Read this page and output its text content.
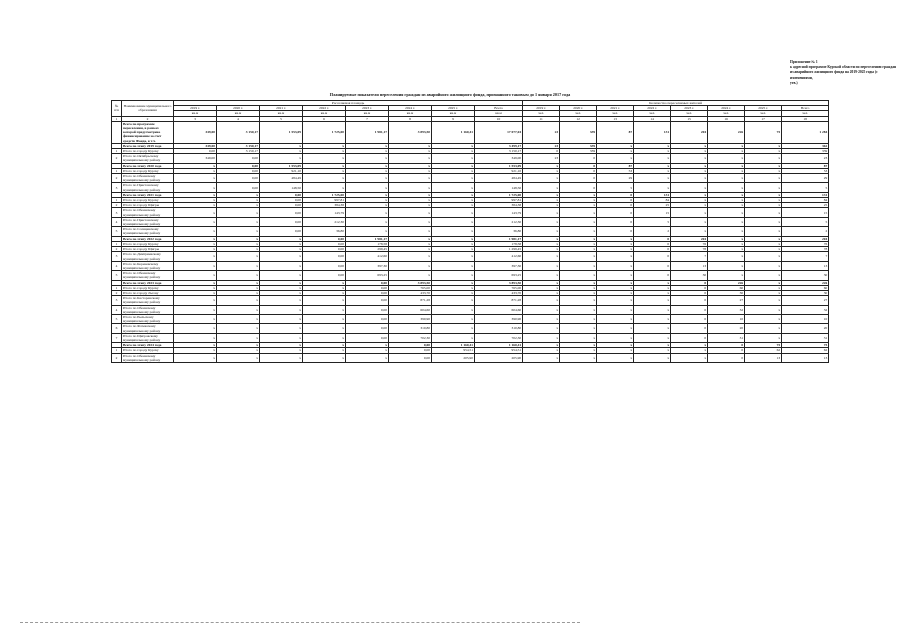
Приложение № 1
к адресной программе Курской области по переселению граждан
из аварийного жилищного фонда на 2019-2025 годы (с изменениями,
утв.)
Планируемые показатели переселения граждан из аварийного жилищного фонда, признанного таковым до 1 января 2017 года
№ п/п	Наименование муниципального образования	Расселяемая площадь								Количество переселяемых жителей							
		2019 г.	2020 г.	2021 г.	2022 г.	2023 г.	2024 г.	2025 г.	Всего	2019 г.	2020 г.	2021 г.	2022 г.	2023 г.	2024 г.	2025 г.	Всего
		кв.м	кв.м	кв.м	кв.м	кв.м	кв.м	кв.м	кв.м	чел.	чел.	чел.	чел.	чел.	чел.	чел.	чел.
1	2	3	4	5	6	7	8	9	10	11	12	13	14	15	16	17	18
	Всего по программе переселения, в рамках которой предусмотрено финансирование за счет средств Фонда, в т.ч.	349,00	3 150,17	1 553,09	1 725,00	1 981,17	3 893,50	1 160,41	17 077,04	23	339	87	131	204	226	75	1 284
	Всего по этапу 2019 года	349,00	3 150,17	x	x	x	x	x	3 499,17	23	339	x	x	x	x	x	362
1	Итого по городу Курску	0,00	3 150,17	x	x	x	x	x	3 150,17	0	339	x	x	x	x	x	339
2	Итого по Октябрьскому муниципальному району	349,00	0,00	x	x	x	x	x	349,00	23	0	x	x	x	x	x	23
	Всего по этапу 2020 года	x	0,00	1 553,09	x	x	x	x	1 553,09	x	0	87	x	x	x	x	87
1	Итого по городу Курску	x	0,00	921,10	x	x	x	x	921,10	x	0	53	x	x	x	x	53
2	Итого по Обоянскому муниципальному району	x	0,00	484,49	x	x	x	x	484,49	x	0	29	x	x	x	x	29
3	Итого по Пристенскому муниципальному району	x	0,00	148,50	x	x	x	x	148,50	x	0	5	x	x	x	x	5
	Всего по этапу 2021 года	x	x	0,00	1 725,00	x	x	x	1 725,00	x	x	0	131	x	x	x	131
1	Итого по городу Курску	x	x	0,00	997,81	x	x	x	997,81	x	x	0	84	x	x	x	84
2	Итого по городу Щигры	x	x	0,00	384,38	x	x	x	384,38	x	x	0	25	x	x	x	25
3	Итого по Обоянскому муниципальному району	x	x	0,00	143,79	x	x	x	143,79	x	x	0	15	x	x	x	15
4	Итого по Пристенскому муниципальному району	x	x	0,00	212,30	x	x	x	212,30	x	x	0	5	x	x	x	5
5	Итого по Солнцевскому муниципальному району	x	x	0,00	36,80	x	x	x	36,80	x	x	0	2	x	x	x	2
	Всего по этапу 2022 года	x	x	x	0,00	1 981,17	x	x	1 981,17	x	x	x	0	204	x	x	204
1	Итого по городу Курску	x	x	x	0,00	178,58	x	x	178,58	x	x	x	0	76	x	x	76
2	Итого по городу Щигры	x	x	x	0,00	299,45	x	x	1 299,45	x	x	x	0	78	x	x	78
3	Итого по Дмитриевскому муниципальному району	x	x	x	0,00	412,60	x	x	412,60	x	x	x	0	7	x	x	7
4	Итого по Кореневскому муниципальному району	x	x	x	0,00	397,30	x	x	397,30	x	x	x	0	13	x	x	13
5	Итого по Обоянскому муниципальному району	x	x	x	0,00	693,25	x	x	693,25	x	x	x	0	30	x	x	30
	Всего по этапу 2023 года	x	x	x	x	0,00	3 893,50	x	3 893,50	x	x	x	x	0	226	x	226
1	Итого по городу Курску	x	x	x	x	0,00	765,00	x	765,00	x	x	x	x	0	60	x	60
2	Итого по городу Льгову	x	x	x	x	0,00	433,70	x	433,70	x	x	x	x	0	30	x	30
3	Итого по Касторенскому муниципальному району	x	x	x	x	0,00	871,28	x	871,28	x	x	x	x	0	27	x	27
4	Итого по Обоянскому муниципальному району	x	x	x	x	0,00	604,60	x	604,60	x	x	x	x	0	32	x	32
5	Итого по Рыльскому муниципальному району	x	x	x	x	0,00	390,90	x	390,90	x	x	x	x	0	10	x	10
6	Итого по Фатежскому муниципальному району	x	x	x	x	0,00	310,80	x	310,80	x	x	x	x	0	20	x	20
7	Итого по Щигровскому муниципальному району	x	x	x	x	0,00	702,30	x	702,30	x	x	x	x	0	31	x	31
	Всего по этапу 2024 года	x	x	x	x	x	0,00	1 160,41	1 160,41	x	x	x	x	x	0	75	75
1	Итого по городу Курску	x	x	x	x	x	0,00	954,51	954,51	x	x	x	x	x	0	62	62
2	Итого по Обоянскому муниципальному району	x	x	x	x	x	0,00	205,90	205,90	x	x	x	x	x	0	13	13
